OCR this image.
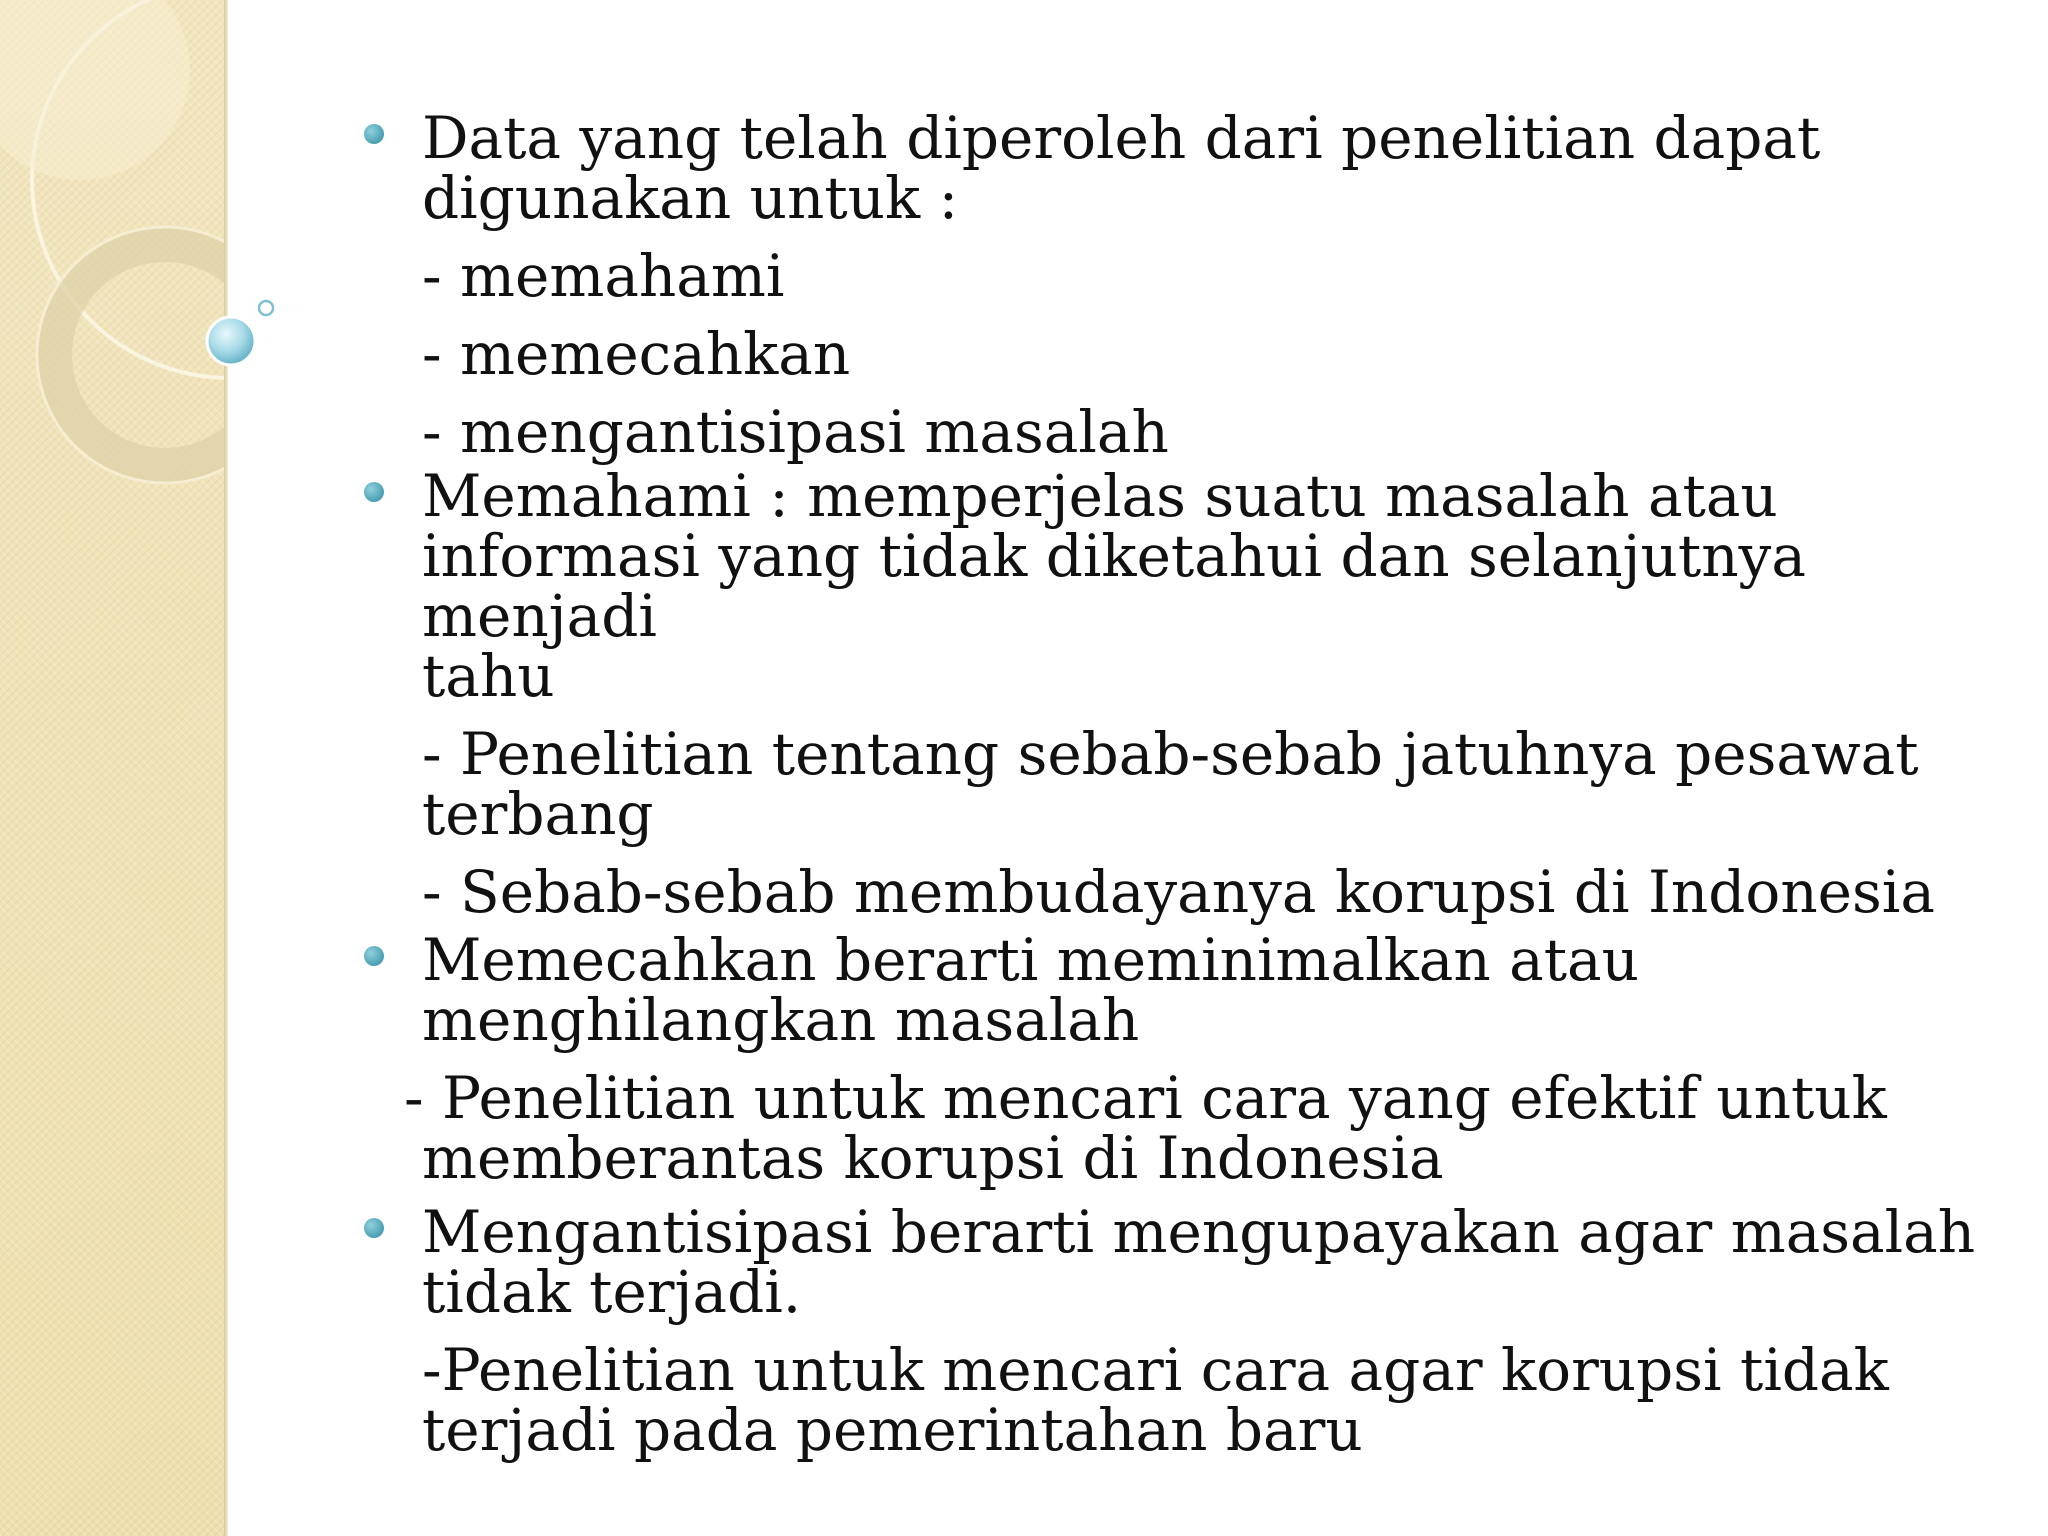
Data yang telah diperoleh dari penelitian dapat
digunakan untuk :
- memahami
- memecahkan
- mengantisipasi masalah
Memahami : memperjelas suatu masalah atau
informasi yang tidak diketahui dan selanjutnya menjadi
tahu
- Penelitian tentang sebab-sebab jatuhnya pesawat
terbang
- Sebab-sebab membudayanya korupsi di Indonesia
Memecahkan berarti meminimalkan atau
menghilangkan masalah
- Penelitian untuk mencari cara yang efektif untuk
memberantas korupsi di Indonesia
Mengantisipasi berarti mengupayakan agar masalah
tidak terjadi.
-Penelitian untuk mencari cara agar korupsi tidak
terjadi pada pemerintahan baru
